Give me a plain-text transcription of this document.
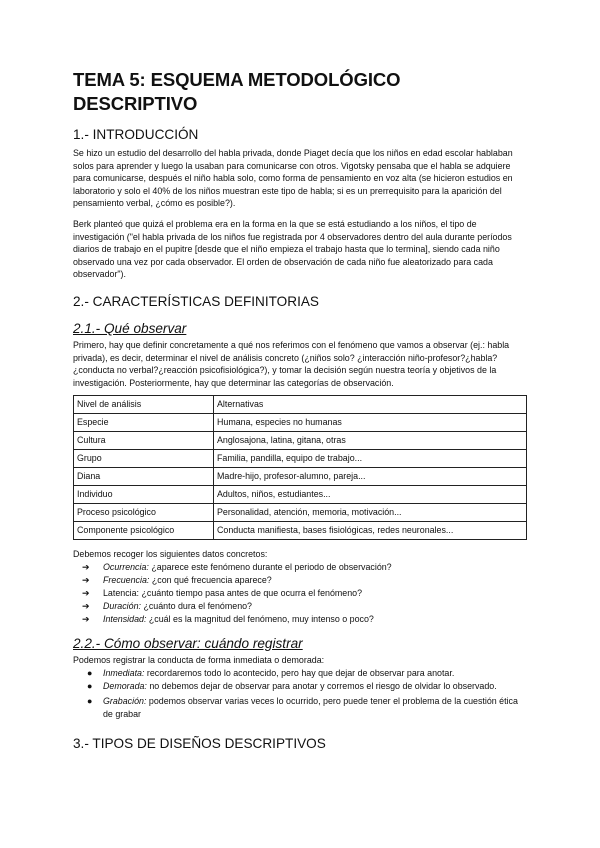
TEMA 5: ESQUEMA METODOLÓGICO DESCRIPTIVO
1.- INTRODUCCIÓN

Se hizo un estudio del desarrollo del habla privada, donde Piaget decía que los niños en edad escolar hablaban solos para aprender y luego la usaban para comunicarse con otros. Vigotsky pensaba que el habla se adquiere para comunicarse, después el niño habla solo, como forma de pensamiento en voz alta (se hicieron estudios en laboratorio y solo el 40% de los niños muestran este tipo de habla; si es un prerrequisito para la aparición del pensamiento verbal, ¿cómo es posible?).

Berk planteó que quizá el problema era en la forma en la que se está estudiando a los niños, el tipo de investigación ("el habla privada de los niños fue registrada por 4 observadores dentro del aula durante períodos diarios de trabajo en el pupitre [desde que el niño empieza el trabajo hasta que lo termina], siendo cada niño observado una vez por cada observador. El orden de observación de cada niño fue aleatorizado para cada observador").

2.- CARACTERÍSTICAS DEFINITORIAS
2.1.- Qué observar

Primero, hay que definir concretamente a qué nos referimos con el fenómeno que vamos a observar (ej.: habla privada), es decir, determinar el nivel de análisis concreto (¿niños solo? ¿interacción niño-profesor?¿habla?¿conducta no verbal?¿reacción psicofisiológica?), y tomar la decisión según nuestra teoría y objetivos de la investigación. Posteriormente, hay que determinar las categorías de observación.

Nivel de análisis	Alternativas
Especie	Humana, especies no humanas
Cultura	Anglosajona, latina, gitana, otras
Grupo	Familia, pandilla, equipo de trabajo...
Diana	Madre-hijo, profesor-alumno, pareja...
Individuo	Adultos, niños, estudiantes...
Proceso psicológico	Personalidad, atención, memoria, motivación...
Componente psicológico	Conducta manifiesta, bases fisiológicas, redes neuronales...

Debemos recoger los siguientes datos concretos:

➔ Ocurrencia: ¿aparece este fenómeno durante el periodo de observación?
➔ Frecuencia: ¿con qué frecuencia aparece?
➔ Latencia: ¿cuánto tiempo pasa antes de que ocurra el fenómeno?
➔ Duración: ¿cuánto dura el fenómeno?
➔ Intensidad: ¿cuál es la magnitud del fenómeno, muy intenso o poco?
2.2.- Cómo observar: cuándo registrar

Podemos registrar la conducta de forma inmediata o demorada:

● Inmediata: recordaremos todo lo acontecido, pero hay que dejar de observar para anotar.
● Demorada: no debemos dejar de observar para anotar y corremos el riesgo de olvidar lo observado.
● Grabación: podemos observar varias veces lo ocurrido, pero puede tener el problema de la cuestión ética de grabar
3.- TIPOS DE DISEÑOS DESCRIPTIVOS
